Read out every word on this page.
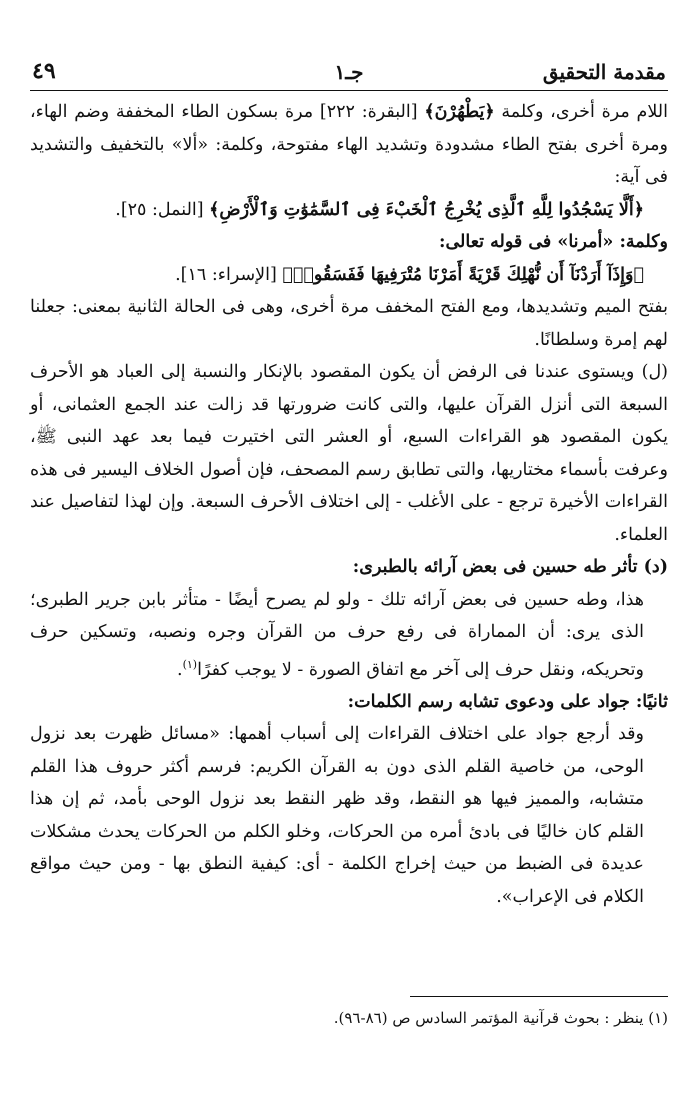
مقدمة التحقيق
جـ١
٤٩

اللام مرة أخرى، وكلمة ﴿يَطْهُرْنَ﴾ [البقرة: ٢٢٢] مرة بسكون الطاء المخففة وضم الهاء، ومرة أخرى بفتح الطاء مشدودة وتشديد الهاء مفتوحة، وكلمة: «ألا» بالتخفيف والتشديد فى آية:

﴿أَلَّا يَسْجُدُوا لِلَّهِ ٱلَّذِى يُخْرِجُ ٱلْخَبْءَ فِى ٱلسَّمَٰوَٰتِ وَٱلْأَرْضِ﴾ [النمل: ٢٥].

وكلمة: «أمرنا» فى قوله تعالى:

﴿وَإِذَآ أَرَدْنَآ أَن نُّهْلِكَ قَرْيَةً أَمَرْنَا مُتْرَفِيهَا فَفَسَقُوا۟﴾ [الإسراء: ١٦].

بفتح الميم وتشديدها، ومع الفتح المخفف مرة أخرى، وهى فى الحالة الثانية بمعنى: جعلنا لهم إمرة وسلطانًا.

(ل) ويستوى عندنا فى الرفض أن يكون المقصود بالإنكار والنسبة إلى العباد هو الأحرف السبعة التى أنزل القرآن عليها، والتى كانت ضرورتها قد زالت عند الجمع العثمانى، أو يكون المقصود هو القراءات السبع، أو العشر التى اختيرت فيما بعد عهد النبى ﷺ، وعرفت بأسماء مختاريها، والتى تطابق رسم المصحف، فإن أصول الخلاف اليسير فى هذه القراءات الأخيرة ترجع - على الأغلب - إلى اختلاف الأحرف السبعة. وإن لهذا لتفاصيل عند العلماء.

(د) تأثر طه حسين فى بعض آرائه بالطبرى:

هذا، وطه حسين فى بعض آرائه تلك - ولو لم يصرح أيضًا - متأثر بابن جرير الطبرى؛ الذى يرى: أن المماراة فى رفع حرف من القرآن وجره ونصبه، وتسكين حرف وتحريكه، ونقل حرف إلى آخر مع اتفاق الصورة - لا يوجب كفرًا$^{(١)}$.

ثانيًا: جواد على ودعوى تشابه رسم الكلمات:

وقد أرجع جواد على اختلاف القراءات إلى أسباب أهمها: «مسائل ظهرت بعد نزول الوحى، من خاصية القلم الذى دون به القرآن الكريم: فرسم أكثر حروف هذا القلم متشابه، والمميز فيها هو النقط، وقد ظهر النقط بعد نزول الوحى بأمد، ثم إن هذا القلم كان خاليًا فى بادئ أمره من الحركات، وخلو الكلم من الحركات يحدث مشكلات عديدة فى الضبط من حيث إخراج الكلمة - أى: كيفية النطق بها - ومن حيث مواقع الكلام فى الإعراب».

(١) ينظر : بحوث قرآنية المؤتمر السادس ص (٨٦-٩٦).
